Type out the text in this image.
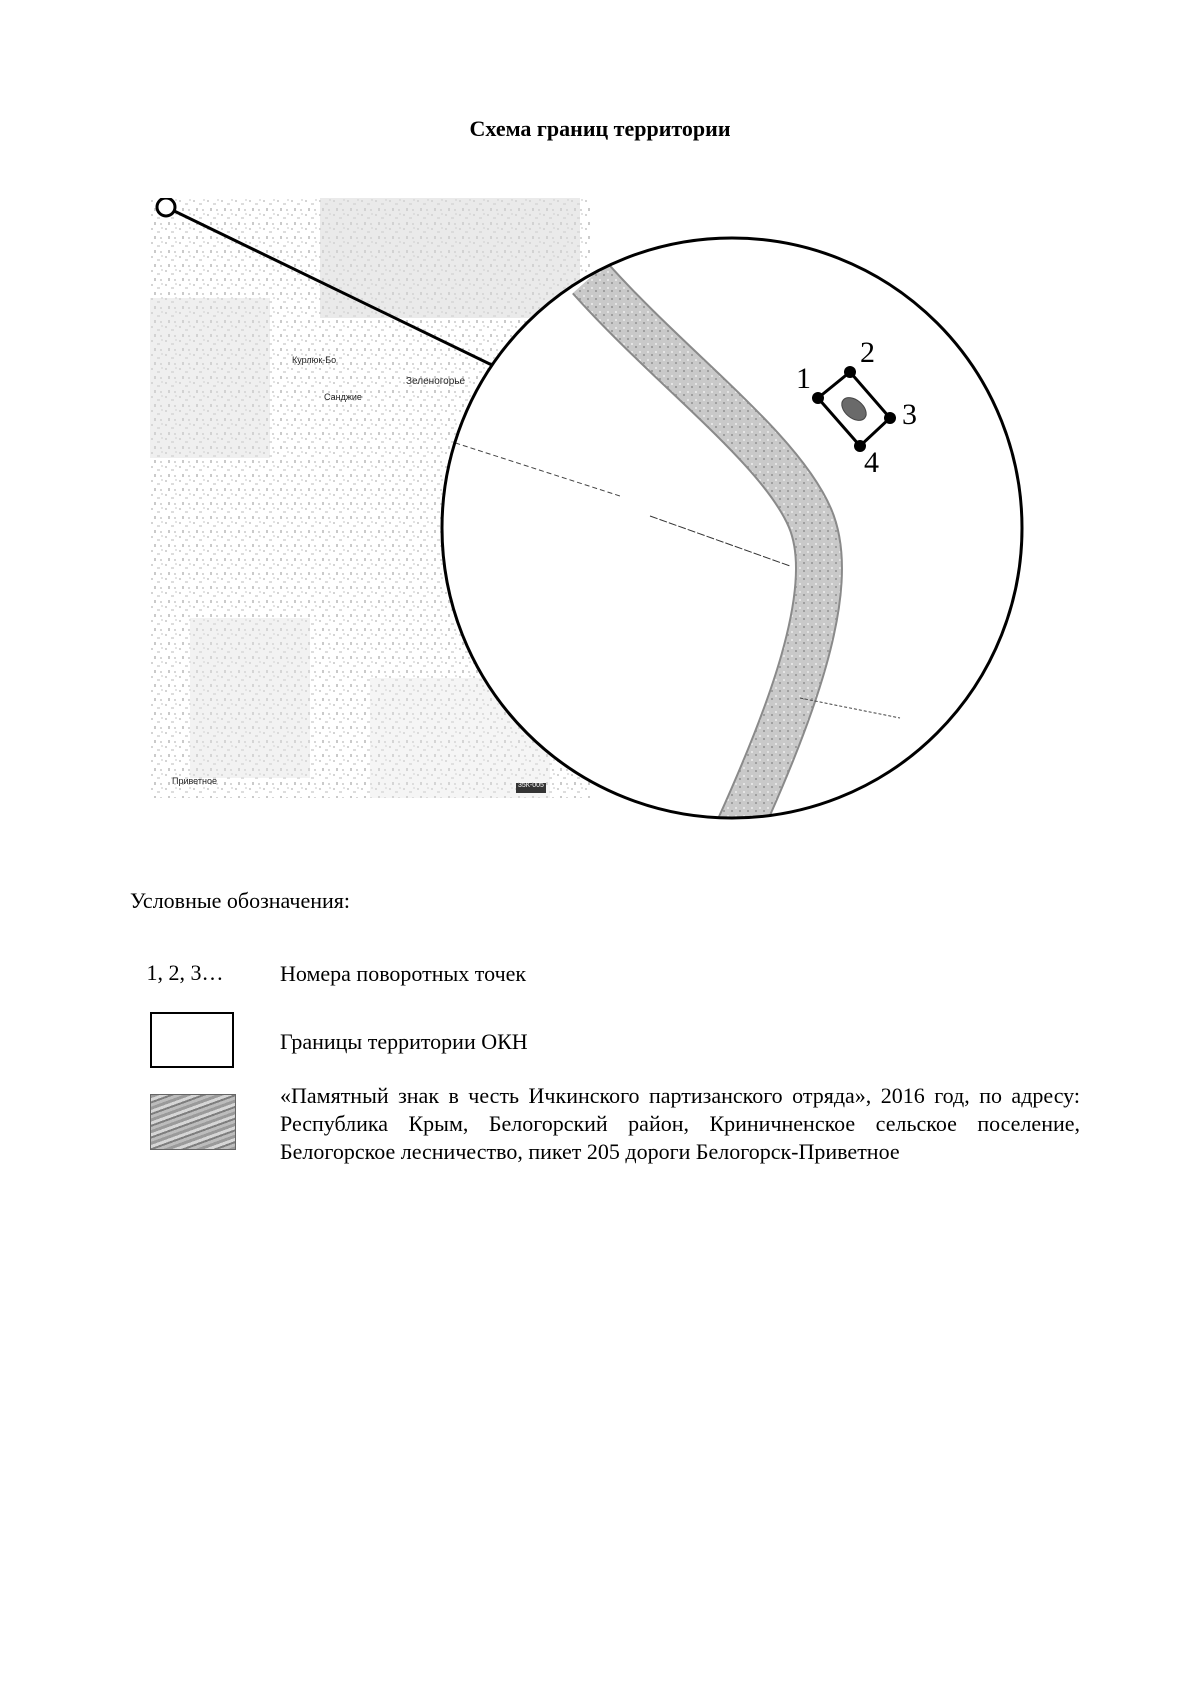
Схема границ территории
Курлюк-Бо
Санджие
Зеленогорье
Приветное	35К-005
1
2
3
4
Условные обозначения:
1, 2, 3…	Номера поворотных точек
Границы территории ОКН
«Памятный знак в честь Ичкинского партизанского отряда», 2016 год, по адресу: Республика Крым, Белогорский район, Криничненское сельское поселение, Белогорское лесничество, пикет 205 дороги Белогорск-Приветное
